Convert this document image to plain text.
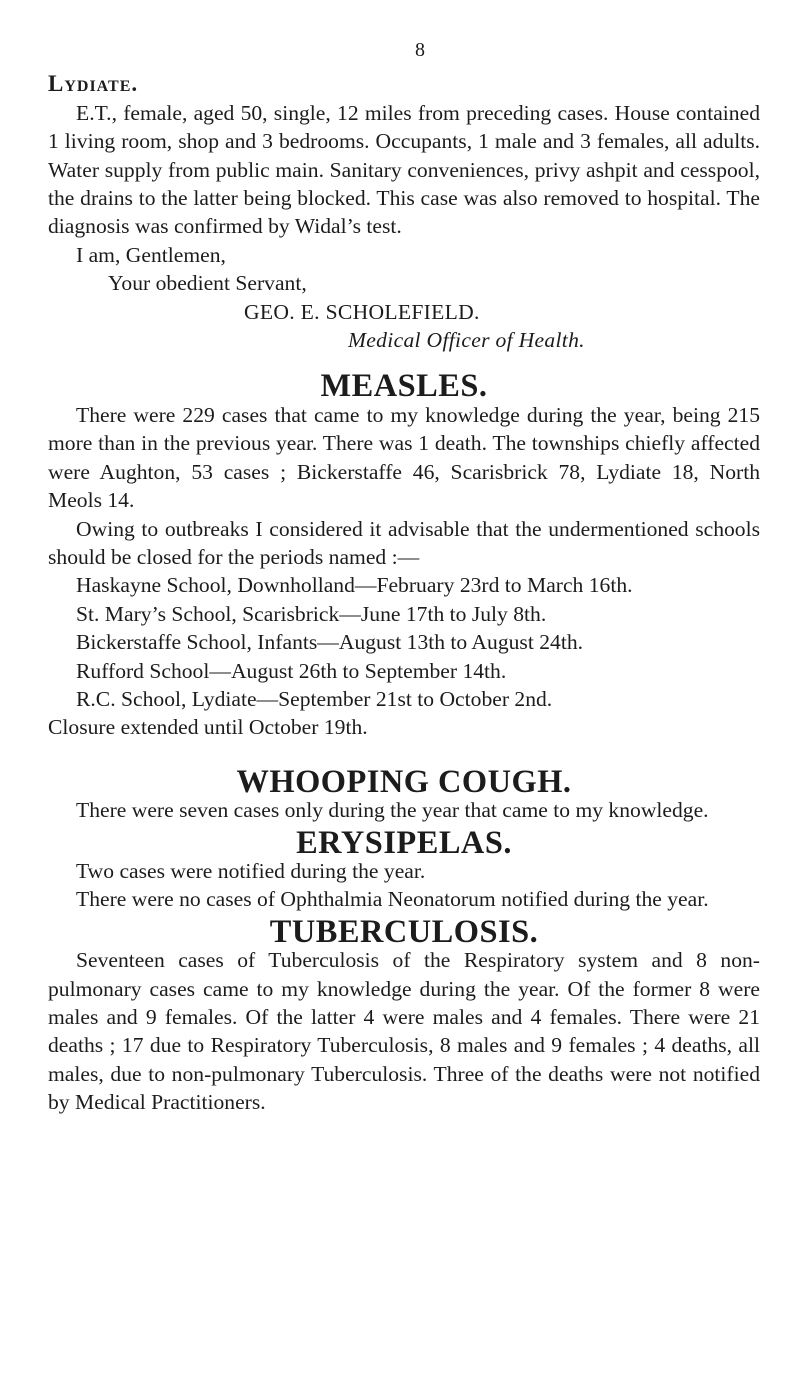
8
Lydiate.

E.T., female, aged 50, single, 12 miles from preceding cases. House contained 1 living room, shop and 3 bedrooms. Occupants, 1 male and 3 females, all adults. Water supply from public main. Sanitary conveniences, privy ashpit and cesspool, the drains to the latter being blocked. This case was also removed to hospital. The diagnosis was confirmed by Widal’s test.

I am, Gentlemen,
Your obedient Servant,
GEO. E. SCHOLEFIELD.
Medical Officer of Health.
MEASLES.

There were 229 cases that came to my knowledge during the year, being 215 more than in the previous year. There was 1 death. The townships chiefly affected were Aughton, 53 cases ; Bickerstaffe 46, Scarisbrick 78, Lydiate 18, North Meols 14.

Owing to outbreaks I considered it advisable that the undermentioned schools should be closed for the periods named :—

Haskayne School, Downholland—February 23rd to March 16th.

St. Mary’s School, Scarisbrick—June 17th to July 8th.

Bickerstaffe School, Infants—August 13th to August 24th.

Rufford School—August 26th to September 14th.

R.C. School, Lydiate—September 21st to October 2nd.

Closure extended until October 19th.

WHOOPING COUGH.

There were seven cases only during the year that came to my knowledge.

ERYSIPELAS.

Two cases were notified during the year.

There were no cases of Ophthalmia Neonatorum notified during the year.

TUBERCULOSIS.

Seventeen cases of Tuberculosis of the Respiratory system and 8 non-pulmonary cases came to my knowledge during the year. Of the former 8 were males and 9 females. Of the latter 4 were males and 4 females. There were 21 deaths ; 17 due to Respiratory Tuberculosis, 8 males and 9 females ; 4 deaths, all males, due to non-pulmonary Tuberculosis. Three of the deaths were not notified by Medical Practitioners.
